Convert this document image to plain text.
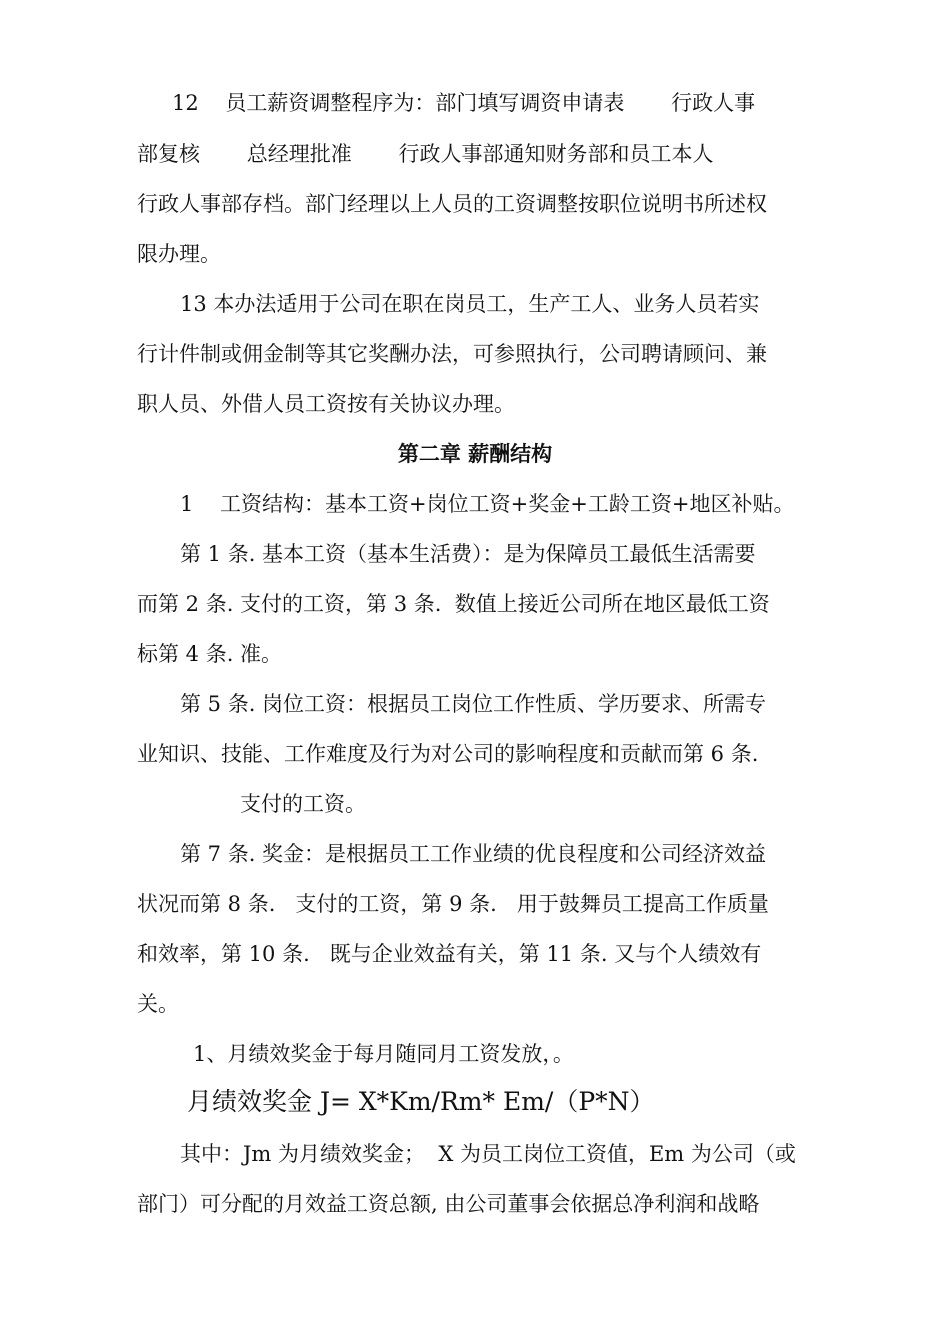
12    员工薪资调整程序为：部门填写调资申请表       行政人事
部复核       总经理批准       行政人事部通知财务部和员工本人
行政人事部存档。部门经理以上人员的工资调整按职位说明书所述权
限办理。
13 本办法适用于公司在职在岗员工，生产工人、业务人员若实
行计件制或佣金制等其它奖酬办法，可参照执行，公司聘请顾问、兼
职人员、外借人员工资按有关协议办理。
第二章 薪酬结构
1    工资结构：基本工资+岗位工资+奖金+工龄工资+地区补贴。
第 1 条. 基本工资（基本生活费）：是为保障员工最低生活需要
而第 2 条. 支付的工资，第 3 条.  数值上接近公司所在地区最低工资
标第 4 条. 准。
第 5 条. 岗位工资：根据员工岗位工作性质、学历要求、所需专
业知识、技能、工作难度及行为对公司的影响程度和贡献而第 6 条.
支付的工资。
第 7 条. 奖金：是根据员工工作业绩的优良程度和公司经济效益
状况而第 8 条.   支付的工资，第 9 条.   用于鼓舞员工提高工作质量
和效率，第 10 条.   既与企业效益有关，第 11 条. 又与个人绩效有
关。
1、月绩效奖金于每月随同月工资发放，。
月绩效奖金 J= X*Km/Rm* Em/（P*N）
其中：Jm 为月绩效奖金；  X 为员工岗位工资值，Em 为公司（或
部门）可分配的月效益工资总额, 由公司董事会依据总净利润和战略
